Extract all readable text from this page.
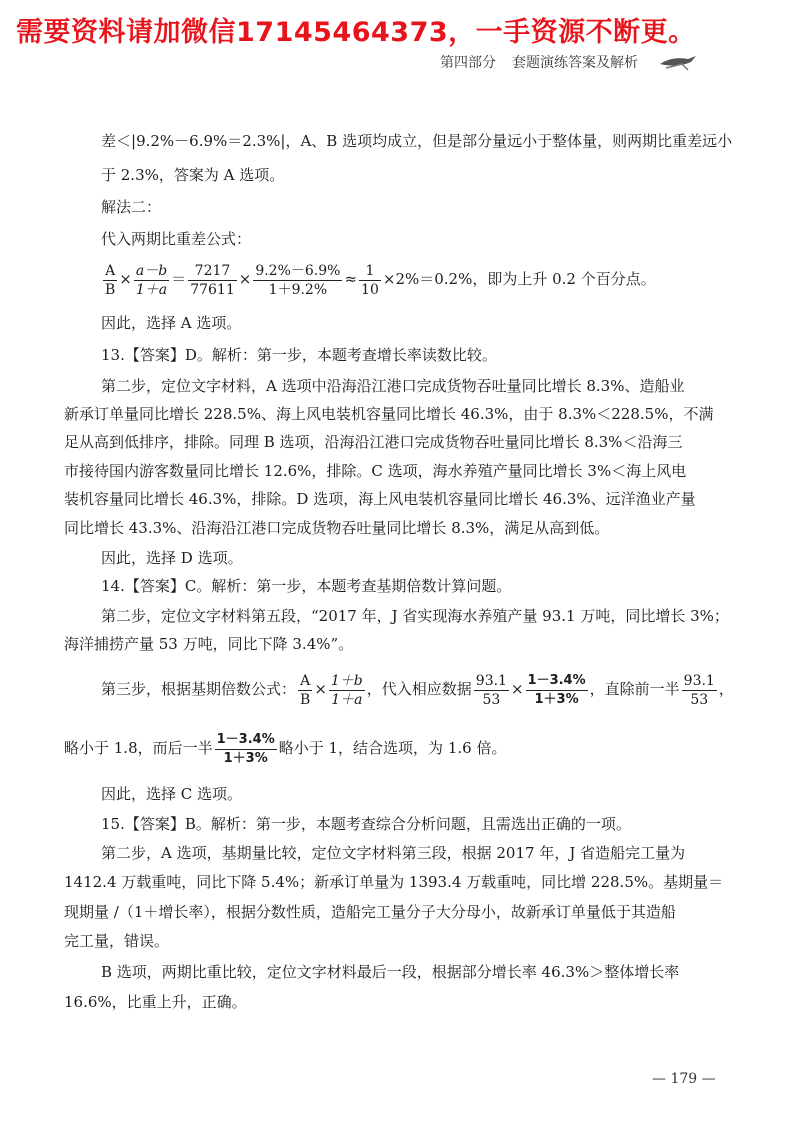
需要资料请加微信17145464373，一手资源不断更。
第四部分 套题演练答案及解析
差＜|9.2%－6.9%＝2.3%|，A、B 选项均成立，但是部分量远小于整体量，则两期比重差远小
于 2.3%，答案为 A 选项。
解法二：
代入两期比重差公式：
$\frac{A}{B} \times \frac{a-b}{1+a} = \frac{7217}{77611} \times \frac{9.2\%-6.9\%}{1+9.2\%} \approx \frac{1}{10} \times 2\%=0.2\%$，即为上升 0.2 个百分点。
因此，选择 A 选项。
13.【答案】D。解析：第一步，本题考查增长率读数比较。
第二步，定位文字材料，A 选项中沿海沿江港口完成货物吞吐量同比增长 8.3%、造船业
新承订单量同比增长 228.5%、海上风电装机容量同比增长 46.3%，由于 8.3%＜228.5%，不满
足从高到低排序，排除。同理 B 选项，沿海沿江港口完成货物吞吐量同比增长 8.3%＜沿海三
市接待国内游客数量同比增长 12.6%，排除。C 选项，海水养殖产量同比增长 3%＜海上风电
装机容量同比增长 46.3%，排除。D 选项，海上风电装机容量同比增长 46.3%、远洋渔业产量
同比增长 43.3%、沿海沿江港口完成货物吞吐量同比增长 8.3%，满足从高到低。
因此，选择 D 选项。
14.【答案】C。解析：第一步，本题考查基期倍数计算问题。
第二步，定位文字材料第五段，“2017 年，J 省实现海水养殖产量 93.1 万吨，同比增长 3%；
海洋捕捞产量 53 万吨，同比下降 3.4%”。
第三步，根据基期倍数公式： $\frac{A}{B} \times \frac{1+b}{1+a}$ ，代入相应数据 $\frac{93.1}{53} \times \frac{1-3.4\%}{1+3\%}$ ，直除前一半 $\frac{93.1}{53}$ ，
略小于 1.8，而后一半 $\frac{1-3.4\%}{1+3\%}$ 略小于 1，结合选项，为 1.6 倍。
因此，选择 C 选项。
15.【答案】B。解析：第一步，本题考查综合分析问题，且需选出正确的一项。
第二步，A 选项，基期量比较，定位文字材料第三段，根据 2017 年，J 省造船完工量为
1412.4 万载重吨，同比下降 5.4%；新承订单量为 1393.4 万载重吨，同比增 228.5%。基期量＝
现期量 /（1＋增长率），根据分数性质，造船完工量分子大分母小，故新承订单量低于其造船
完工量，错误。
B 选项，两期比重比较，定位文字材料最后一段，根据部分增长率 46.3%＞整体增长率
16.6%，比重上升，正确。
— 179 —
